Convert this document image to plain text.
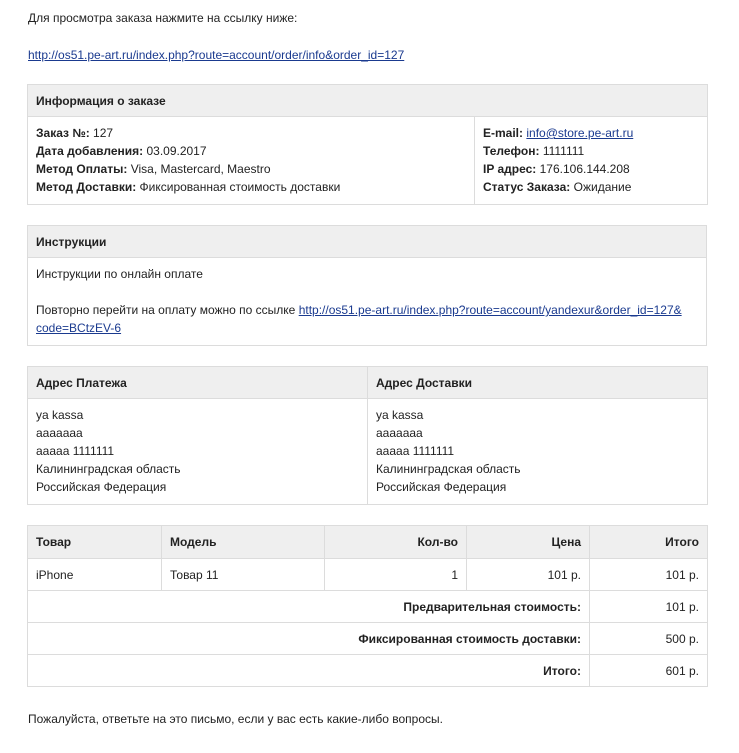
Для просмотра заказа нажмите на ссылку ниже:
http://os51.pe-art.ru/index.php?route=account/order/info&order_id=127
Информация о заказе

Заказ №: 127
Дата добавления: 03.09.2017
Метод Оплаты: Visa, Mastercard, Maestro
Метод Доставки: Фиксированная стоимость доставки

E-mail: info@store.pe-art.ru
Телефон: 1111111
IP адрес: 176.106.144.208
Статус Заказа: Ожидание
Инструкции

Инструкции по онлайн оплате
Повторно перейти на оплату можно по ссылке http://os51.pe-art.ru/index.php?route=account/yandexur&order_id=127&
code=BCtzEV-6
Адрес Платежа	Адрес Доставки

ya kassa
aaaaaaa
aaaaa 1111111
Калининградская область
Российская Федерация	ya kassa
aaaaaaa
aaaaa 1111111
Калининградская область
Российская Федерация
Товар	Модель	Кол-во	Цена	Итого
iPhone	Товар 11	1	101 р.	101 р.
Предварительная стоимость:				101 р.
Фиксированная стоимость доставки:				500 р.
Итого:				601 р.
Пожалуйста, ответьте на это письмо, если у вас есть какие-либо вопросы.
